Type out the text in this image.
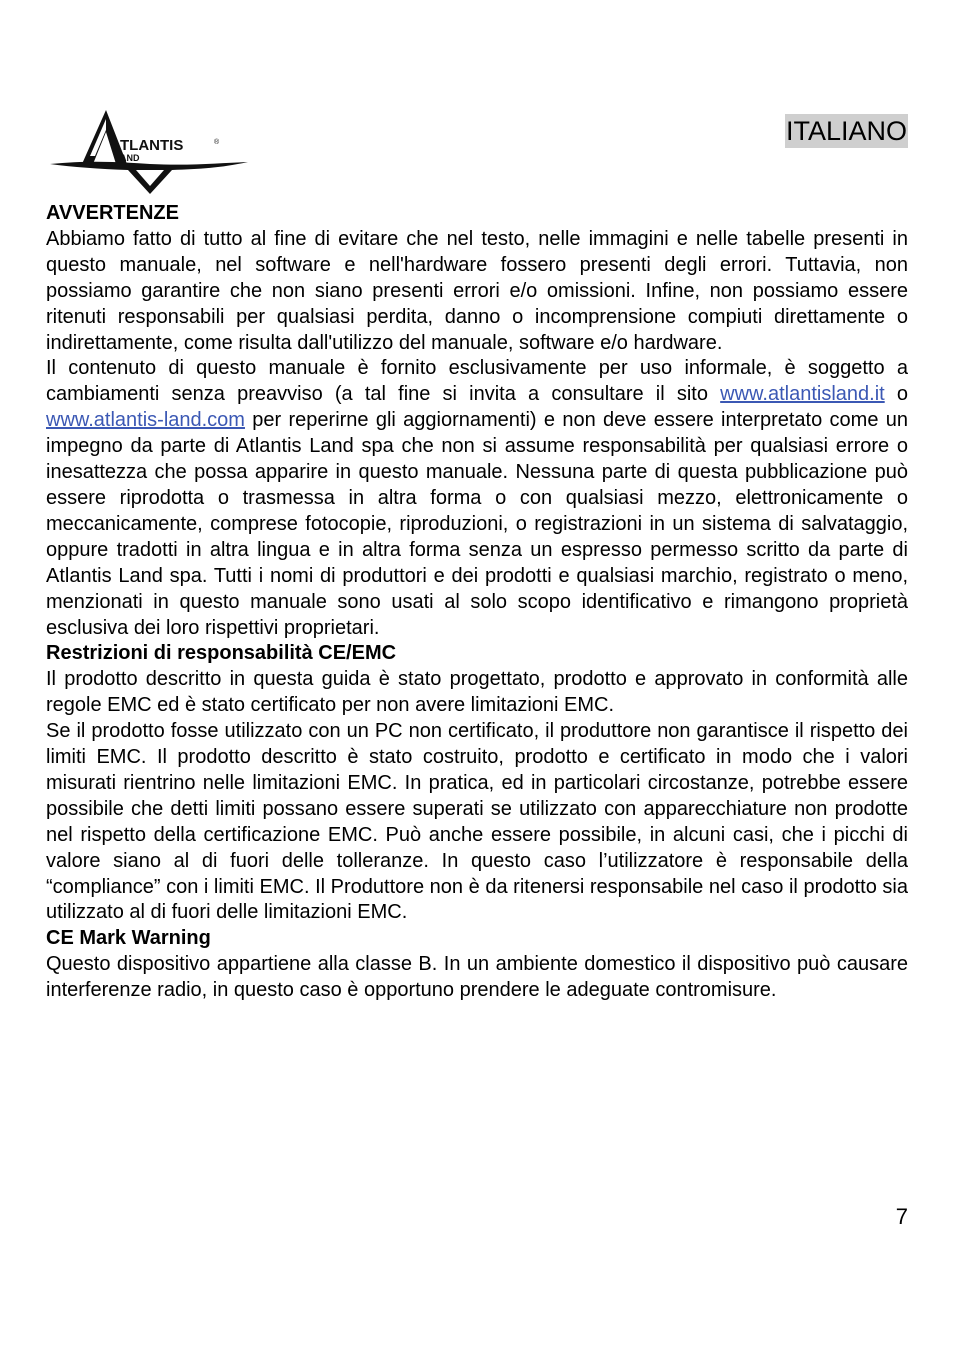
TLANTIS	®
AND
ITALIANO
AVVERTENZE

Abbiamo fatto di tutto al fine di evitare che nel testo, nelle immagini e nelle tabelle presenti in questo manuale, nel software e nell'hardware fossero presenti degli errori. Tuttavia, non possiamo garantire che non siano presenti errori e/o omissioni. Infine, non possiamo essere ritenuti responsabili per qualsiasi perdita, danno o incomprensione compiuti direttamente o indirettamente, come risulta dall'utilizzo del manuale, software e/o hardware.

Il contenuto di questo manuale è fornito esclusivamente per uso informale, è soggetto a cambiamenti senza preavviso (a tal fine si invita a consultare il sito www.atlantisland.it o www.atlantis-land.com per reperirne gli aggiornamenti) e non deve essere interpretato come un impegno da parte di Atlantis Land spa che non si assume responsabilità per qualsiasi errore o inesattezza che possa apparire in questo manuale. Nessuna parte di questa pubblicazione può essere riprodotta o trasmessa in altra forma o con qualsiasi mezzo, elettronicamente o meccanicamente, comprese fotocopie, riproduzioni, o registrazioni in un sistema di salvataggio, oppure tradotti in altra lingua e in altra forma senza un espresso permesso scritto da parte di Atlantis Land spa. Tutti i nomi di produttori e dei prodotti e qualsiasi marchio, registrato o meno, menzionati in questo manuale sono usati al solo scopo identificativo e rimangono proprietà esclusiva dei loro rispettivi proprietari.

Restrizioni di responsabilità CE/EMC

Il prodotto descritto in questa guida è stato progettato, prodotto e approvato in conformità alle regole EMC ed è stato certificato per non avere limitazioni EMC.

Se il prodotto fosse utilizzato con un PC non certificato, il produttore non garantisce il rispetto dei limiti EMC. Il prodotto descritto è stato costruito, prodotto e certificato in modo che i valori misurati rientrino nelle limitazioni EMC. In pratica, ed in particolari circostanze, potrebbe essere possibile che detti limiti possano essere superati se utilizzato con apparecchiature non prodotte nel rispetto della certificazione EMC. Può anche essere possibile, in alcuni casi, che i picchi di valore siano al di fuori delle tolleranze. In questo caso l’utilizzatore è responsabile della “compliance” con i limiti EMC. Il Produttore non è da ritenersi responsabile nel caso il prodotto sia utilizzato al di fuori delle limitazioni EMC.

CE Mark Warning

Questo dispositivo appartiene alla classe B. In un ambiente domestico il dispositivo può causare interferenze radio, in questo caso è opportuno prendere le adeguate contromisure.

7
